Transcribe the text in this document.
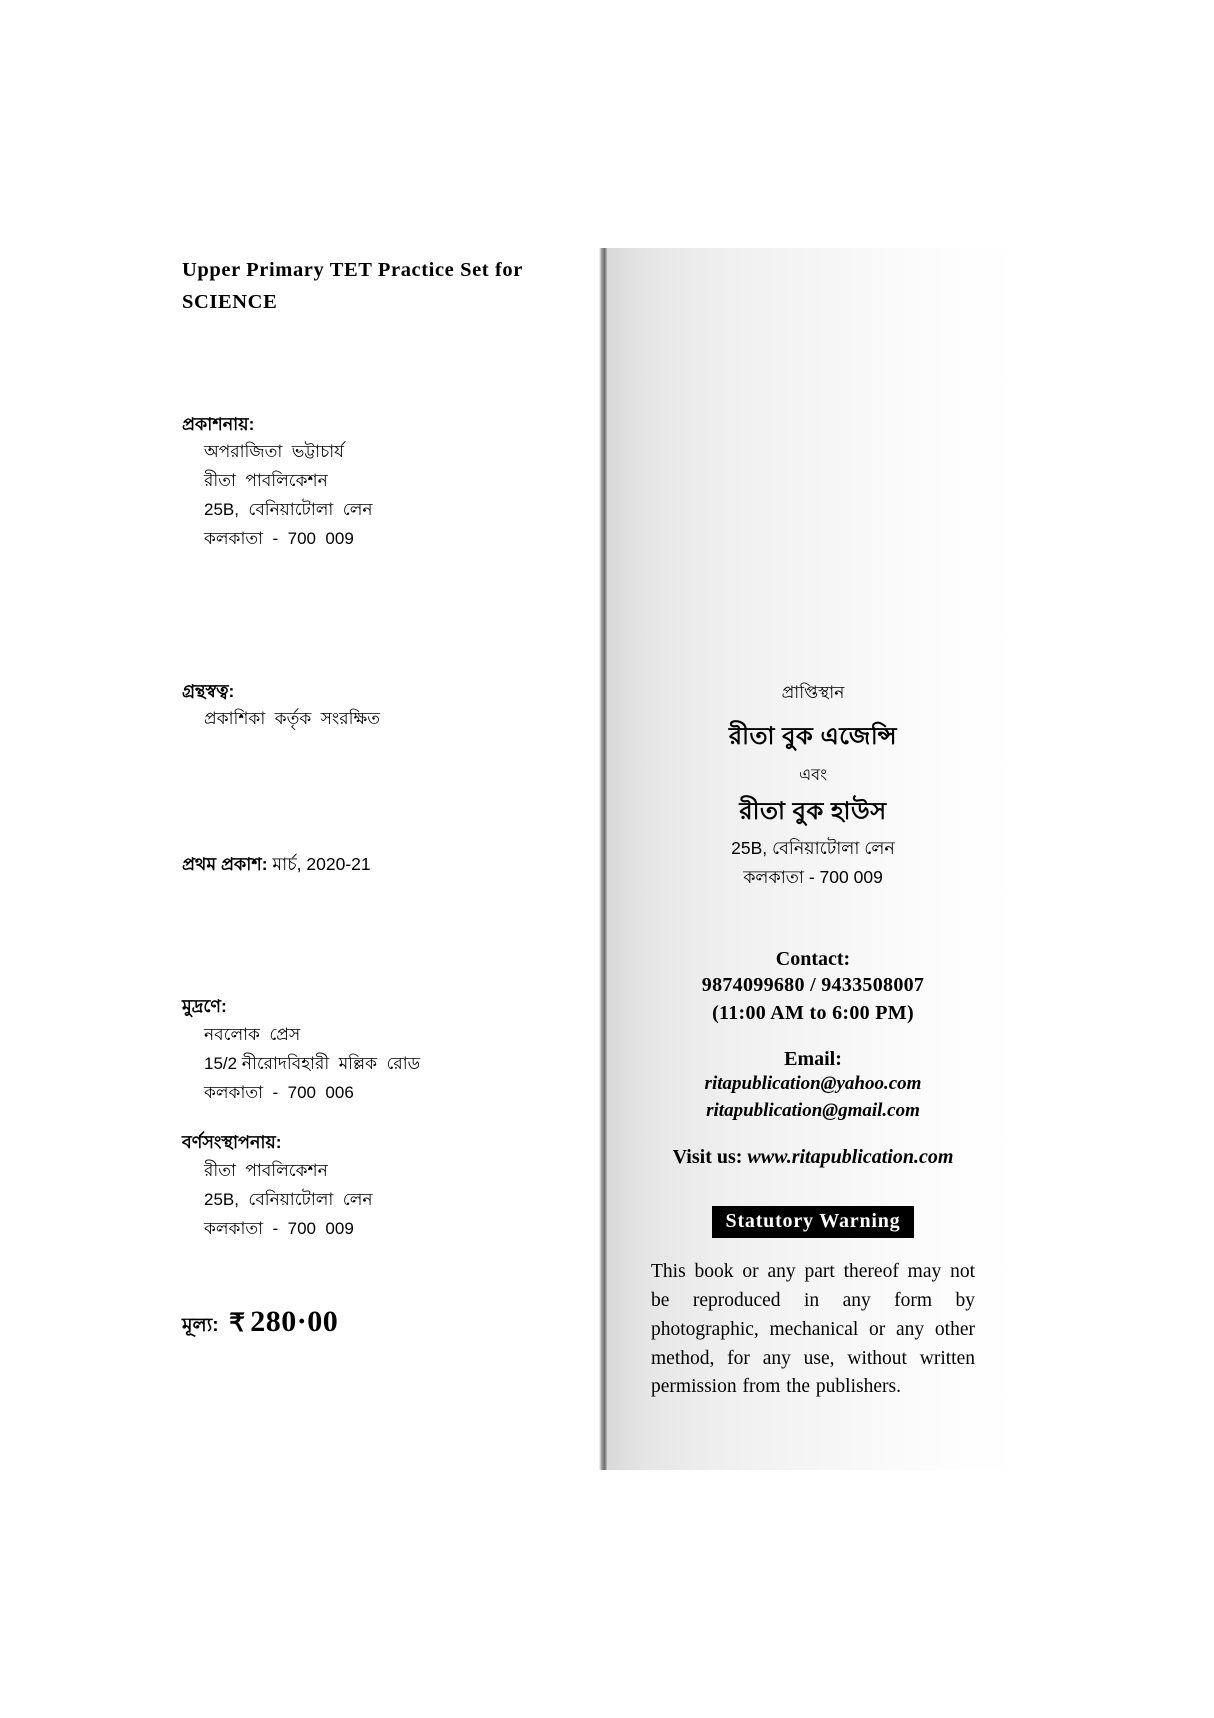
Upper Primary TET Practice Set for
SCIENCE

প্রকাশনায়:

অপরাজিতা  ভট্টাচার্য

রীতা  পাবলিকেশন

25B,  বেনিয়াটোলা  লেন

কলকাতা  -  700  009

গ্রন্থস্বত্ব:

প্রকাশিকা  কর্তৃক  সংরক্ষিত

প্রথম প্রকাশ: মার্চ, 2020-21

মুদ্রণে:

নবলোক  প্রেস

15/2 নীরোদবিহারী  মল্লিক  রোড

কলকাতা  -  700  006

বর্ণসংস্থাপনায়:

রীতা  পাবলিকেশন

25B,  বেনিয়াটোলা  লেন

কলকাতা  -  700  009

মূল্য: ₹ 280·00

প্রাপ্তিস্থান

রীতা বুক এজেন্সি

এবং

রীতা বুক হাউস

25B, বেনিয়াটোলা লেন

কলকাতা - 700 009

Contact:

9874099680 / 9433508007

(11:00 AM to 6:00 PM)

Email:

ritapublication@yahoo.com

ritapublication@gmail.com

Visit us: www.ritapublication.com

Statutory Warning

This book or any part thereof may not be reproduced in any form by photographic, mechanical or any other method, for any use, without written permission from the publishers.
